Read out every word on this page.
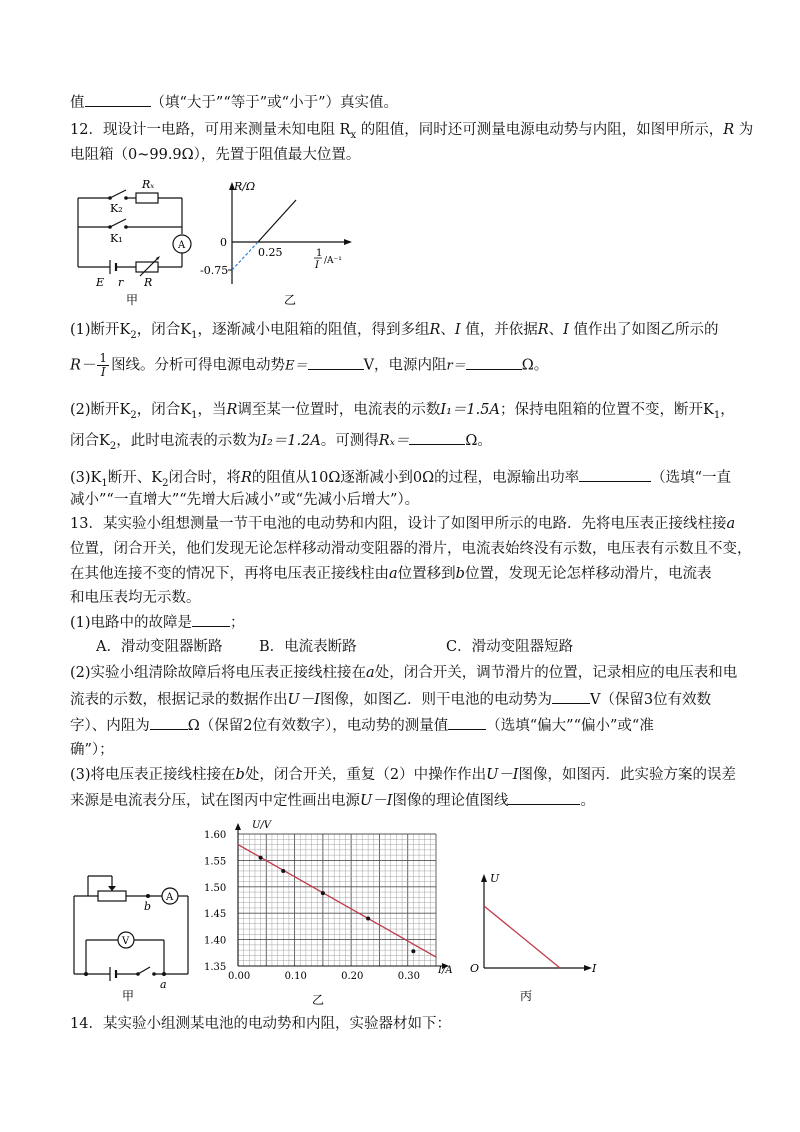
值	（填“大于”“等于”或“小于”）真实值。
12．现设计一电路，可用来测量未知电阻 $R_x$ 的阻值，同时还可测量电源电动势与内阻，如图甲所示，R 为
电阻箱（0~99.9Ω），先置于阻值最大位置。
Rₓ
K₂
K₁
A
E r R
甲
R/Ω
0
0.25
-0.75
1
I /A⁻¹
乙
(1)断开$K_2$，闭合$K_1$，逐渐减小电阻箱的阻值，得到多组R、I 值，并依据R、I 值作出了如图乙所示的
$R- \frac{1}{I}$ 图线。分析可得电源电动势E＝	V，电源内阻r＝	Ω。
(2)断开$K_2$，闭合$K_1$，当R调至某一位置时，电流表的示数I₁＝1.5A；保持电阻箱的位置不变，断开$K_1$，
闭合$K_2$，此时电流表的示数为I₂＝1.2A。可测得Rₓ＝	Ω。
$(3)K_1$断开、$K_2$闭合时，将R的阻值从10Ω逐渐减小到0Ω的过程，电源输出功率	（选填“一直
减小”“一直增大”“先增大后减小”或“先减小后增大”）。
13．某实验小组想测量一节干电池的电动势和内阻，设计了如图甲所示的电路．先将电压表正接线柱接a
位置，闭合开关，他们发现无论怎样移动滑动变阻器的滑片，电流表始终没有示数，电压表有示数且不变，
在其他连接不变的情况下，再将电压表正接线柱由a位置移到b位置，发现无论怎样移动滑片，电流表
和电压表均无示数。
(1)电路中的故障是	；
A．滑动变阻器断路	B．电流表断路	C．滑动变阻器短路
(2)实验小组清除故障后将电压表正接线柱接在a处，闭合开关，调节滑片的位置，记录相应的电压表和电
流表的示数，根据记录的数据作出U－I图像，如图乙．则干电池的电动势为	V（保留3位有效数
字）、内阻为	Ω（保留2位有效数字），电动势的测量值	（选填“偏大”“偏小”或“准
确”）；
(3)将电压表正接线柱接在b处，闭合开关，重复（2）中操作作出U－I图像，如图丙．此实验方案的误差
来源是电流表分压，试在图丙中定性画出电源U－I图像的理论值图线	。
A
V
b
a
甲
0.00	0.10	0.20	0.30
1.60
1.55
1.50
1.45
1.40
1.35
U/V
I/A
乙
U
I
O
丙
14．某实验小组测某电池的电动势和内阻，实验器材如下：
